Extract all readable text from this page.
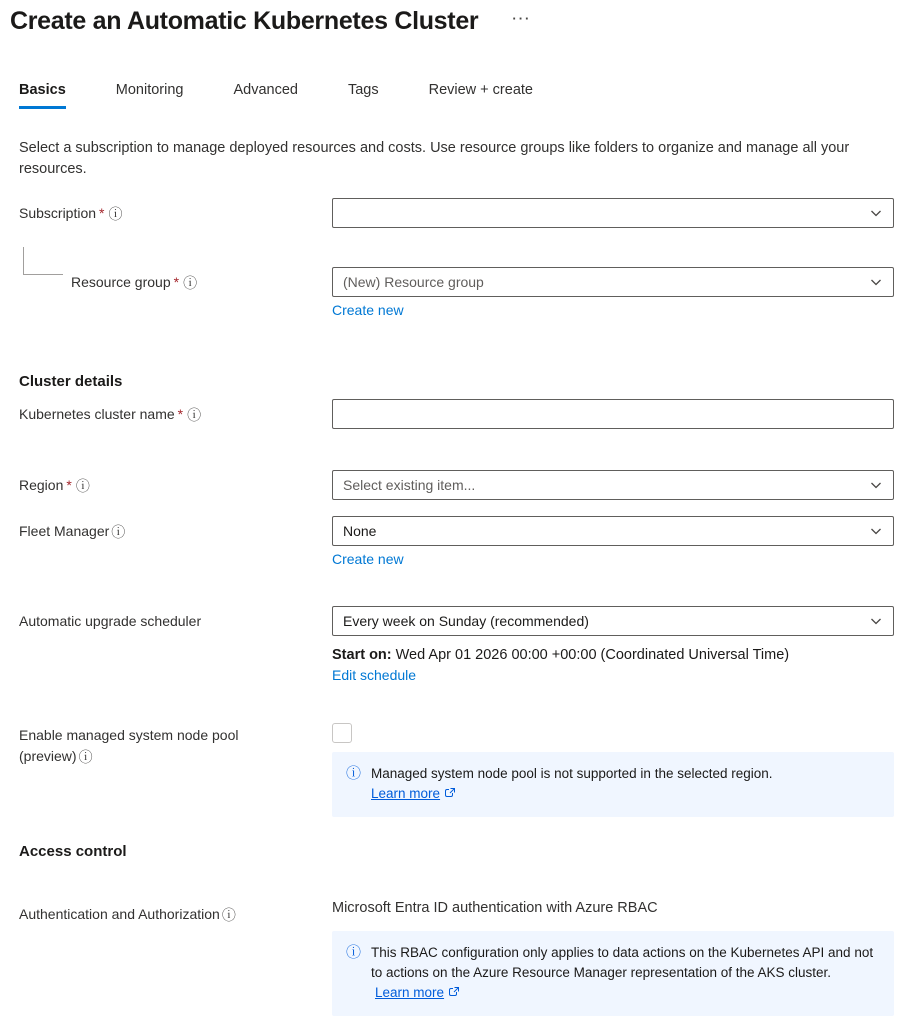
Create an Automatic Kubernetes Cluster	···
Basics	Monitoring	Advanced	Tags	Review + create

Select a subscription to manage deployed resources and costs. Use resource groups like folders to organize and manage all your resources.

Subscription * ⓘ
Resource group * ⓘ	(New) Resource group
Create new
Cluster details
Kubernetes cluster name * ⓘ
Region * ⓘ	Select existing item...
Fleet Manager ⓘ	None
Create new
Automatic upgrade scheduler	Every week on Sunday (recommended)
Start on: Wed Apr 01 2026 00:00 +00:00 (Coordinated Universal Time)
Edit schedule
Enable managed system node pool
(preview) ⓘ
ⓘ Managed system node pool is not supported in the selected region.
Learn more
Access control
Authentication and Authorization ⓘ	Microsoft Entra ID authentication with Azure RBAC
ⓘ This RBAC configuration only applies to data actions on the Kubernetes API and not to actions on the Azure Resource Manager representation of the AKS cluster. Learn more
